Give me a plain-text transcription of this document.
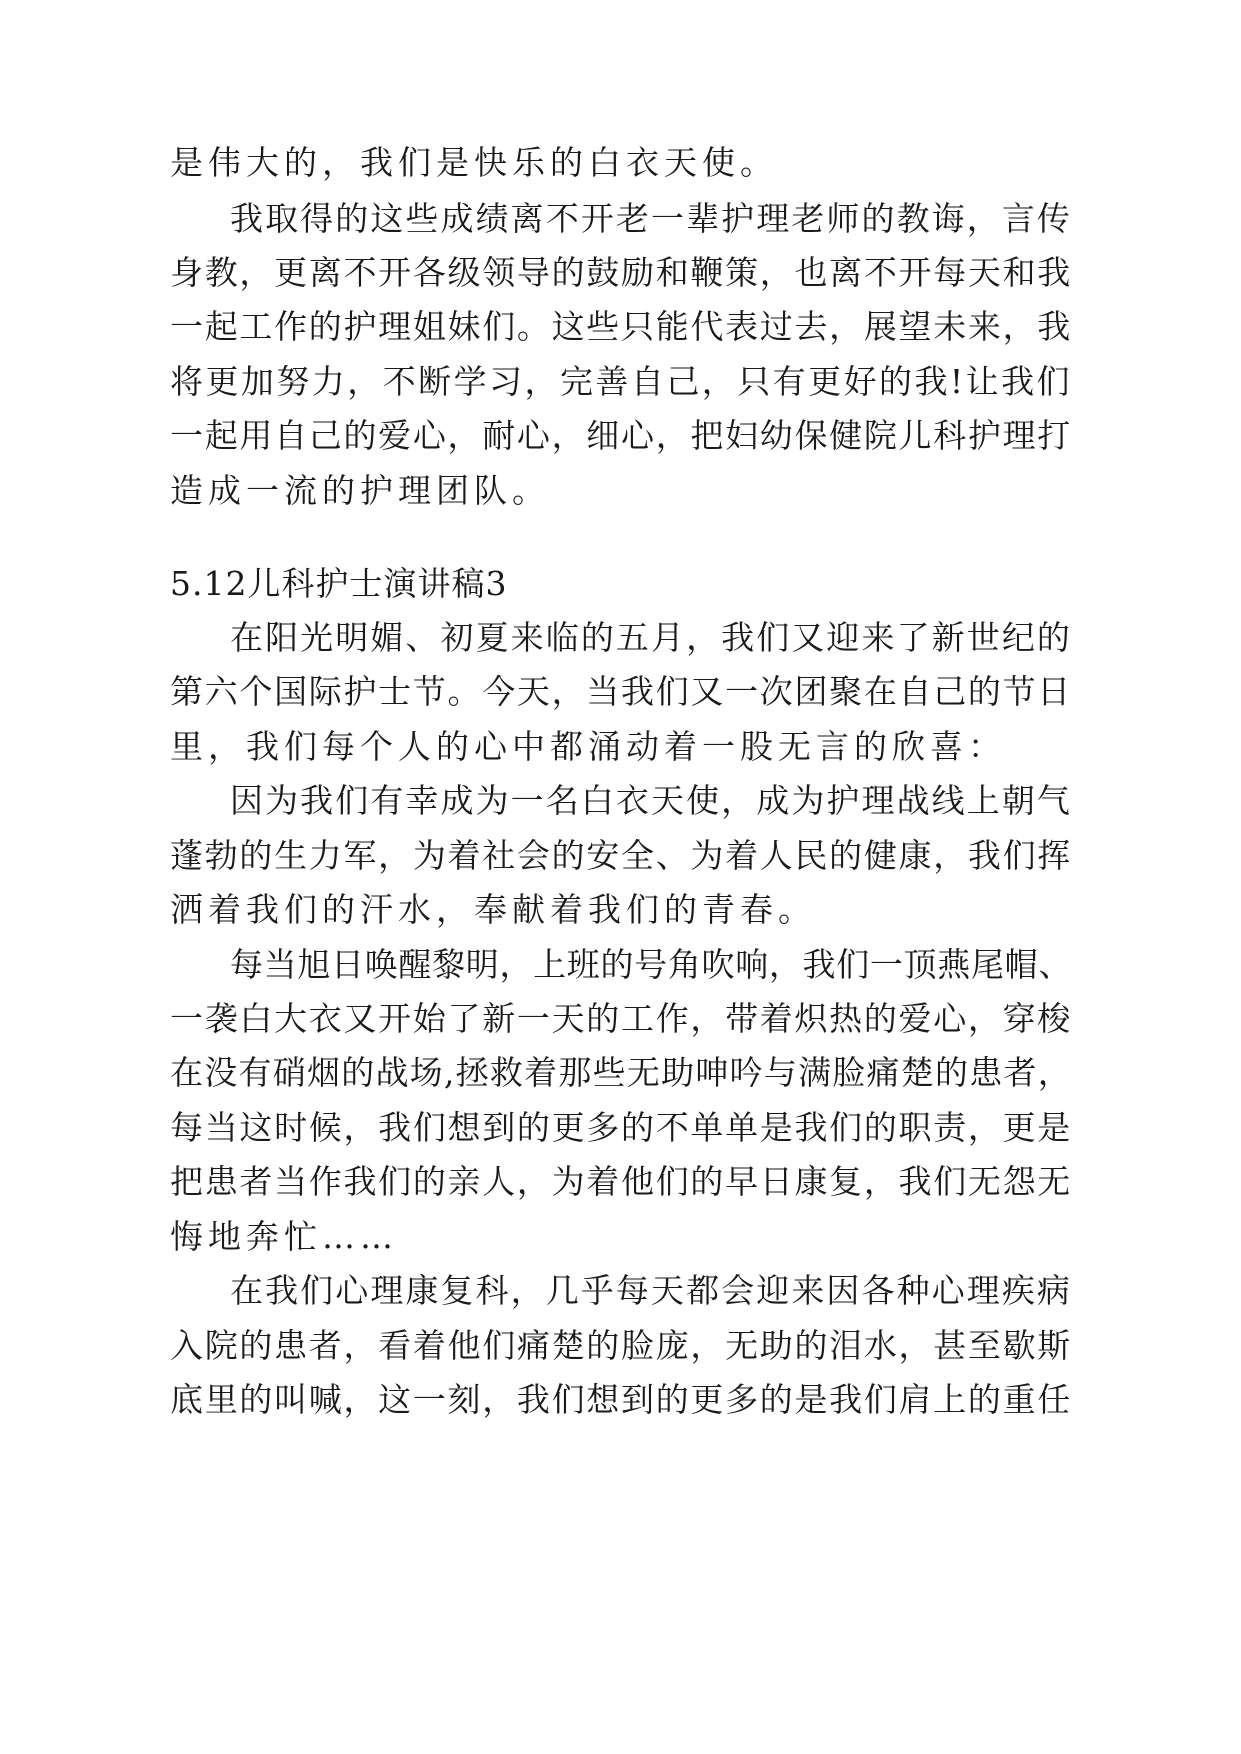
是伟大的，我们是快乐的白衣天使。
我取得的这些成绩离不开老一辈护理老师的教诲，言传
身教，更离不开各级领导的鼓励和鞭策，也离不开每天和我
一起工作的护理姐妹们。这些只能代表过去，展望未来，我
将更加努力，不断学习，完善自己，只有更好的我!让我们
一起用自己的爱心，耐心，细心，把妇幼保健院儿科护理打
造成一流的护理团队。
5.12儿科护士演讲稿3
在阳光明媚、初夏来临的五月，我们又迎来了新世纪的
第六个国际护士节。今天，当我们又一次团聚在自己的节日
里，我们每个人的心中都涌动着一股无言的欣喜：
因为我们有幸成为一名白衣天使，成为护理战线上朝气
蓬勃的生力军，为着社会的安全、为着人民的健康，我们挥
洒着我们的汗水，奉献着我们的青春。
每当旭日唤醒黎明，上班的号角吹响，我们一顶燕尾帽、
一袭白大衣又开始了新一天的工作，带着炽热的爱心，穿梭
在没有硝烟的战场,拯救着那些无助呻吟与满脸痛楚的患者，
每当这时候，我们想到的更多的不单单是我们的职责，更是
把患者当作我们的亲人，为着他们的早日康复，我们无怨无
悔地奔忙……
在我们心理康复科，几乎每天都会迎来因各种心理疾病
入院的患者，看着他们痛楚的脸庞，无助的泪水，甚至歇斯
底里的叫喊，这一刻，我们想到的更多的是我们肩上的重任
